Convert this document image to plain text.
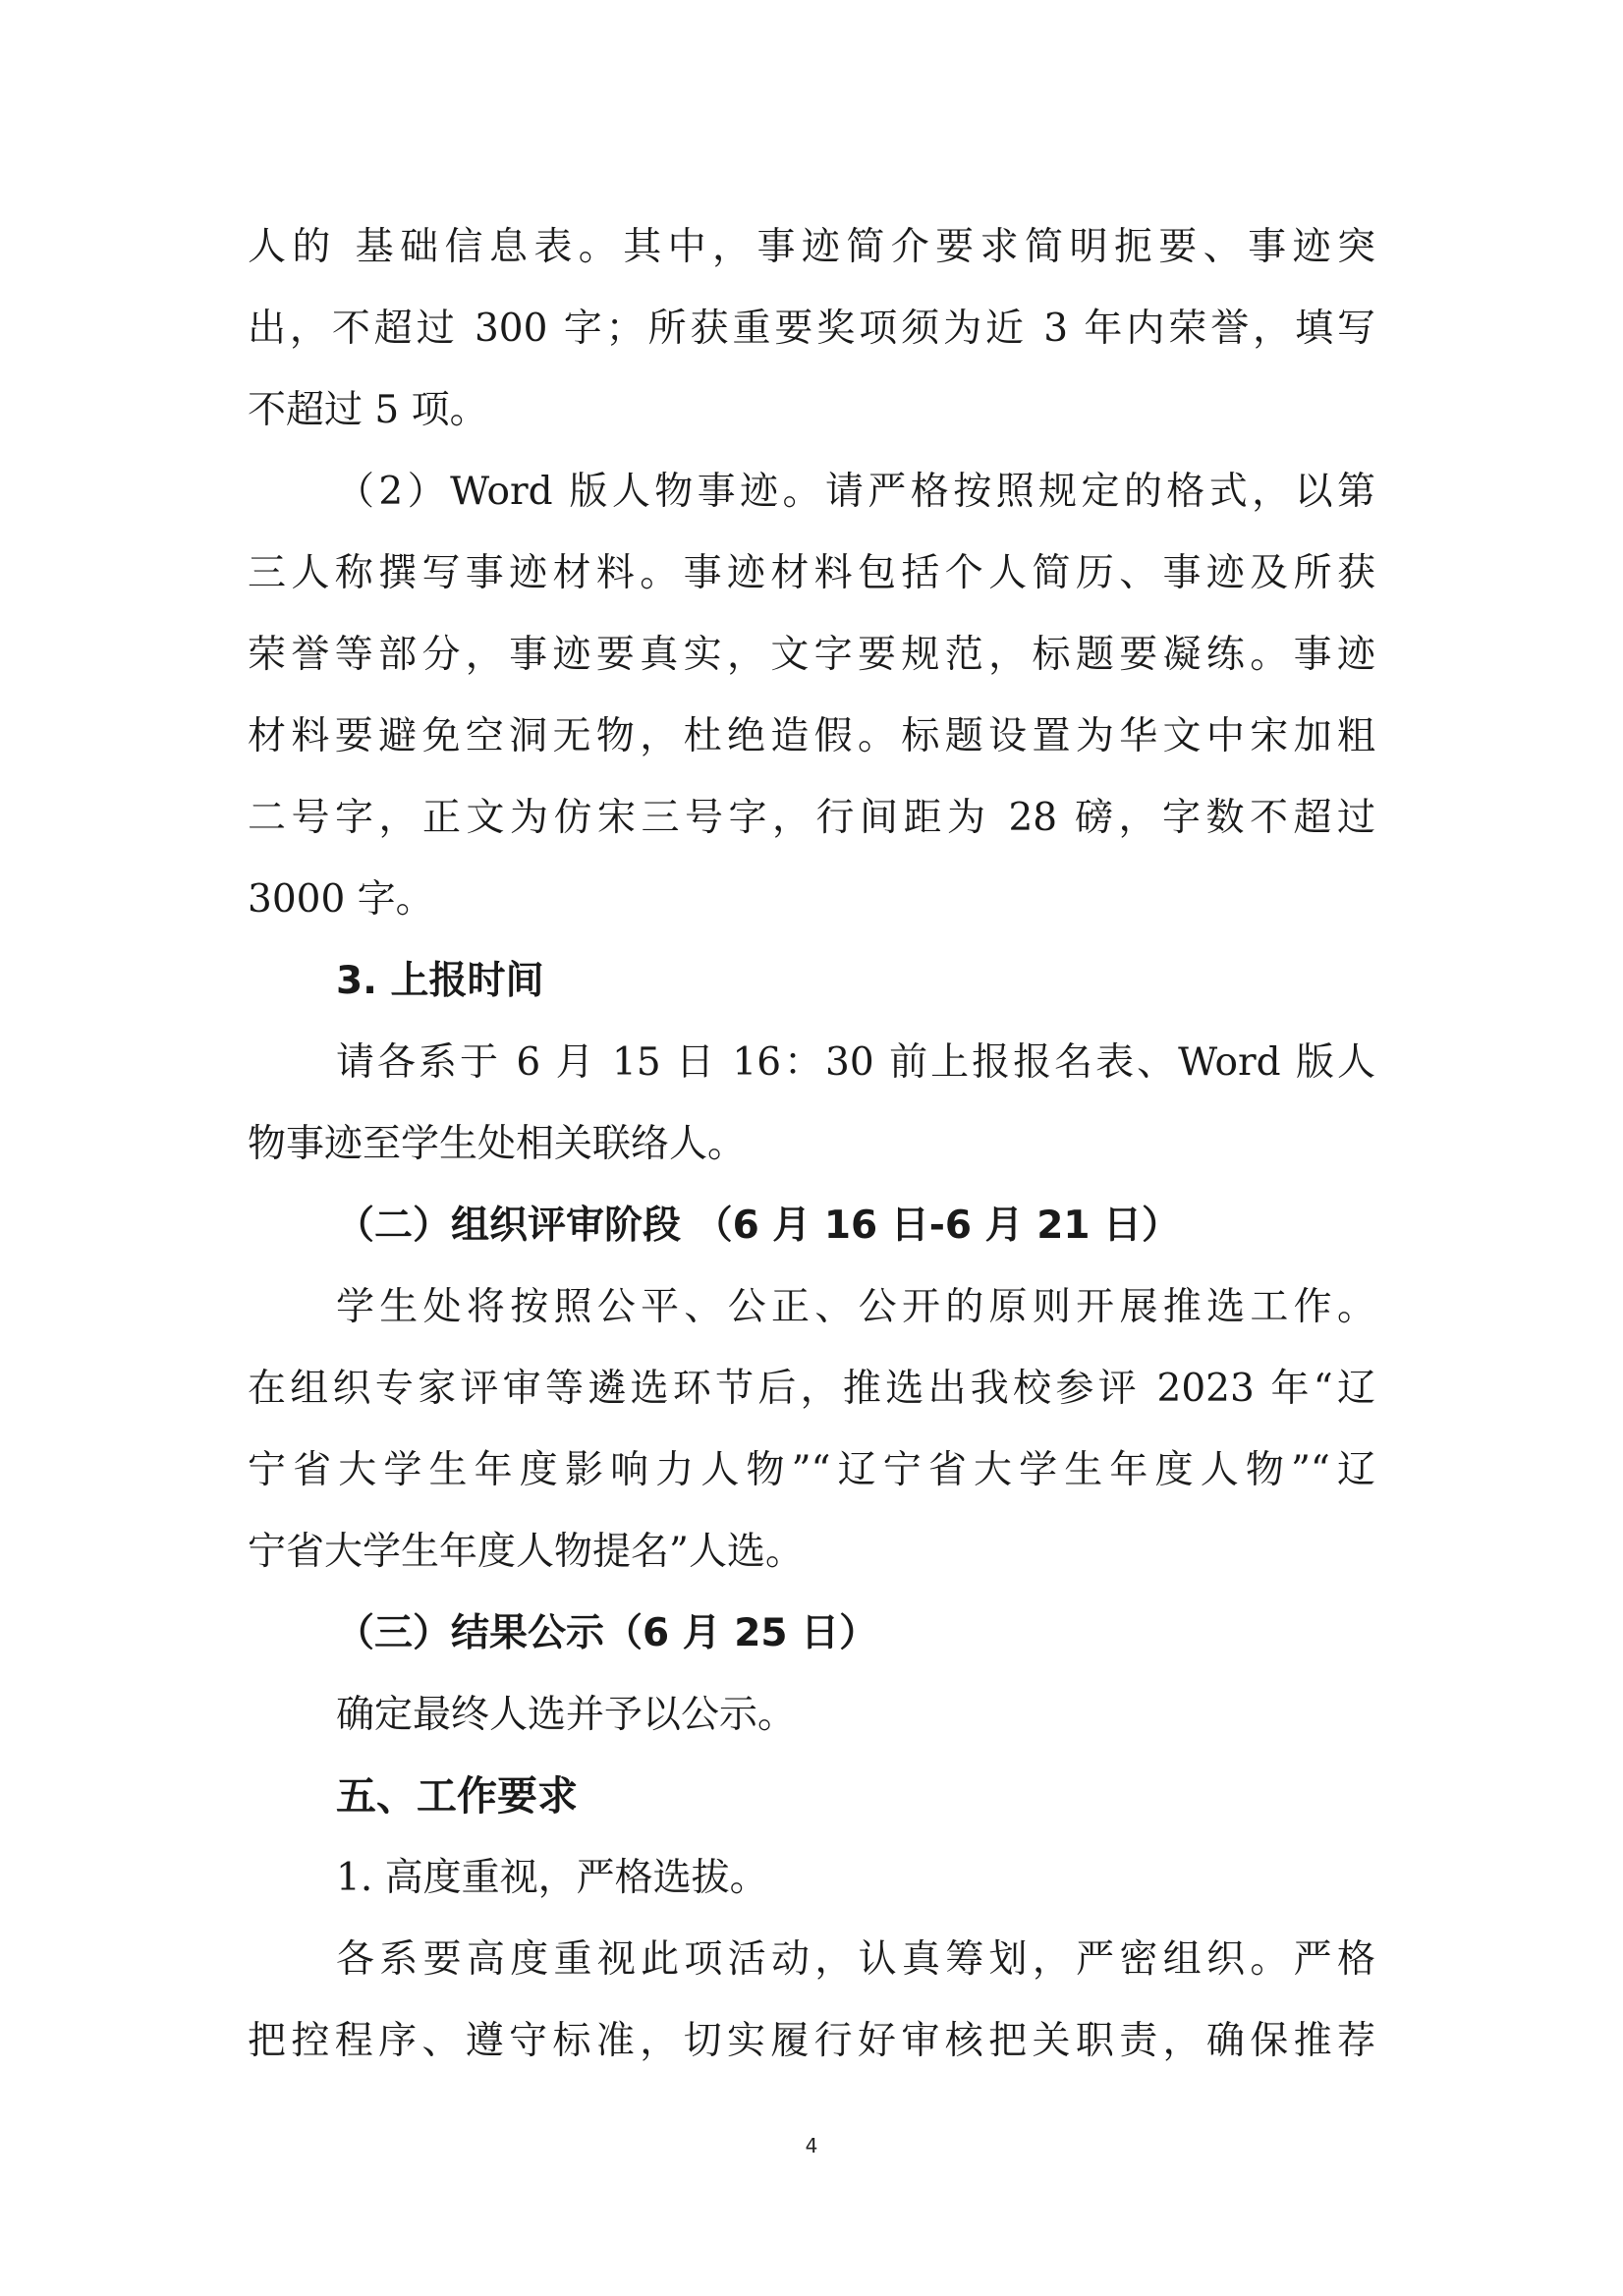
人的 基础信息表。其中，事迹简介要求简明扼要、事迹突
出，不超过 300 字；所获重要奖项须为近 3 年内荣誉，填写
不超过 5 项。
（2）Word 版人物事迹。请严格按照规定的格式，以第
三人称撰写事迹材料。事迹材料包括个人简历、事迹及所获
荣誉等部分，事迹要真实，文字要规范，标题要凝练。事迹
材料要避免空洞无物，杜绝造假。标题设置为华文中宋加粗
二号字，正文为仿宋三号字，行间距为 28 磅，字数不超过
3000 字。
3. 上报时间
请各系于 6 月 15 日 16：30 前上报报名表、Word 版人
物事迹至学生处相关联络人。
（二）组织评审阶段 （6 月 16 日-6 月 21 日）
学生处将按照公平、公正、公开的原则开展推选工作。
在组织专家评审等遴选环节后，推选出我校参评 2023 年“辽
宁省大学生年度影响力人物”“辽宁省大学生年度人物”“辽
宁省大学生年度人物提名”人选。
（三）结果公示（6 月 25 日）
确定最终人选并予以公示。
五、工作要求
1. 高度重视，严格选拔。
各系要高度重视此项活动，认真筹划，严密组织。严格
把控程序、遵守标准，切实履行好审核把关职责，确保推荐
4
